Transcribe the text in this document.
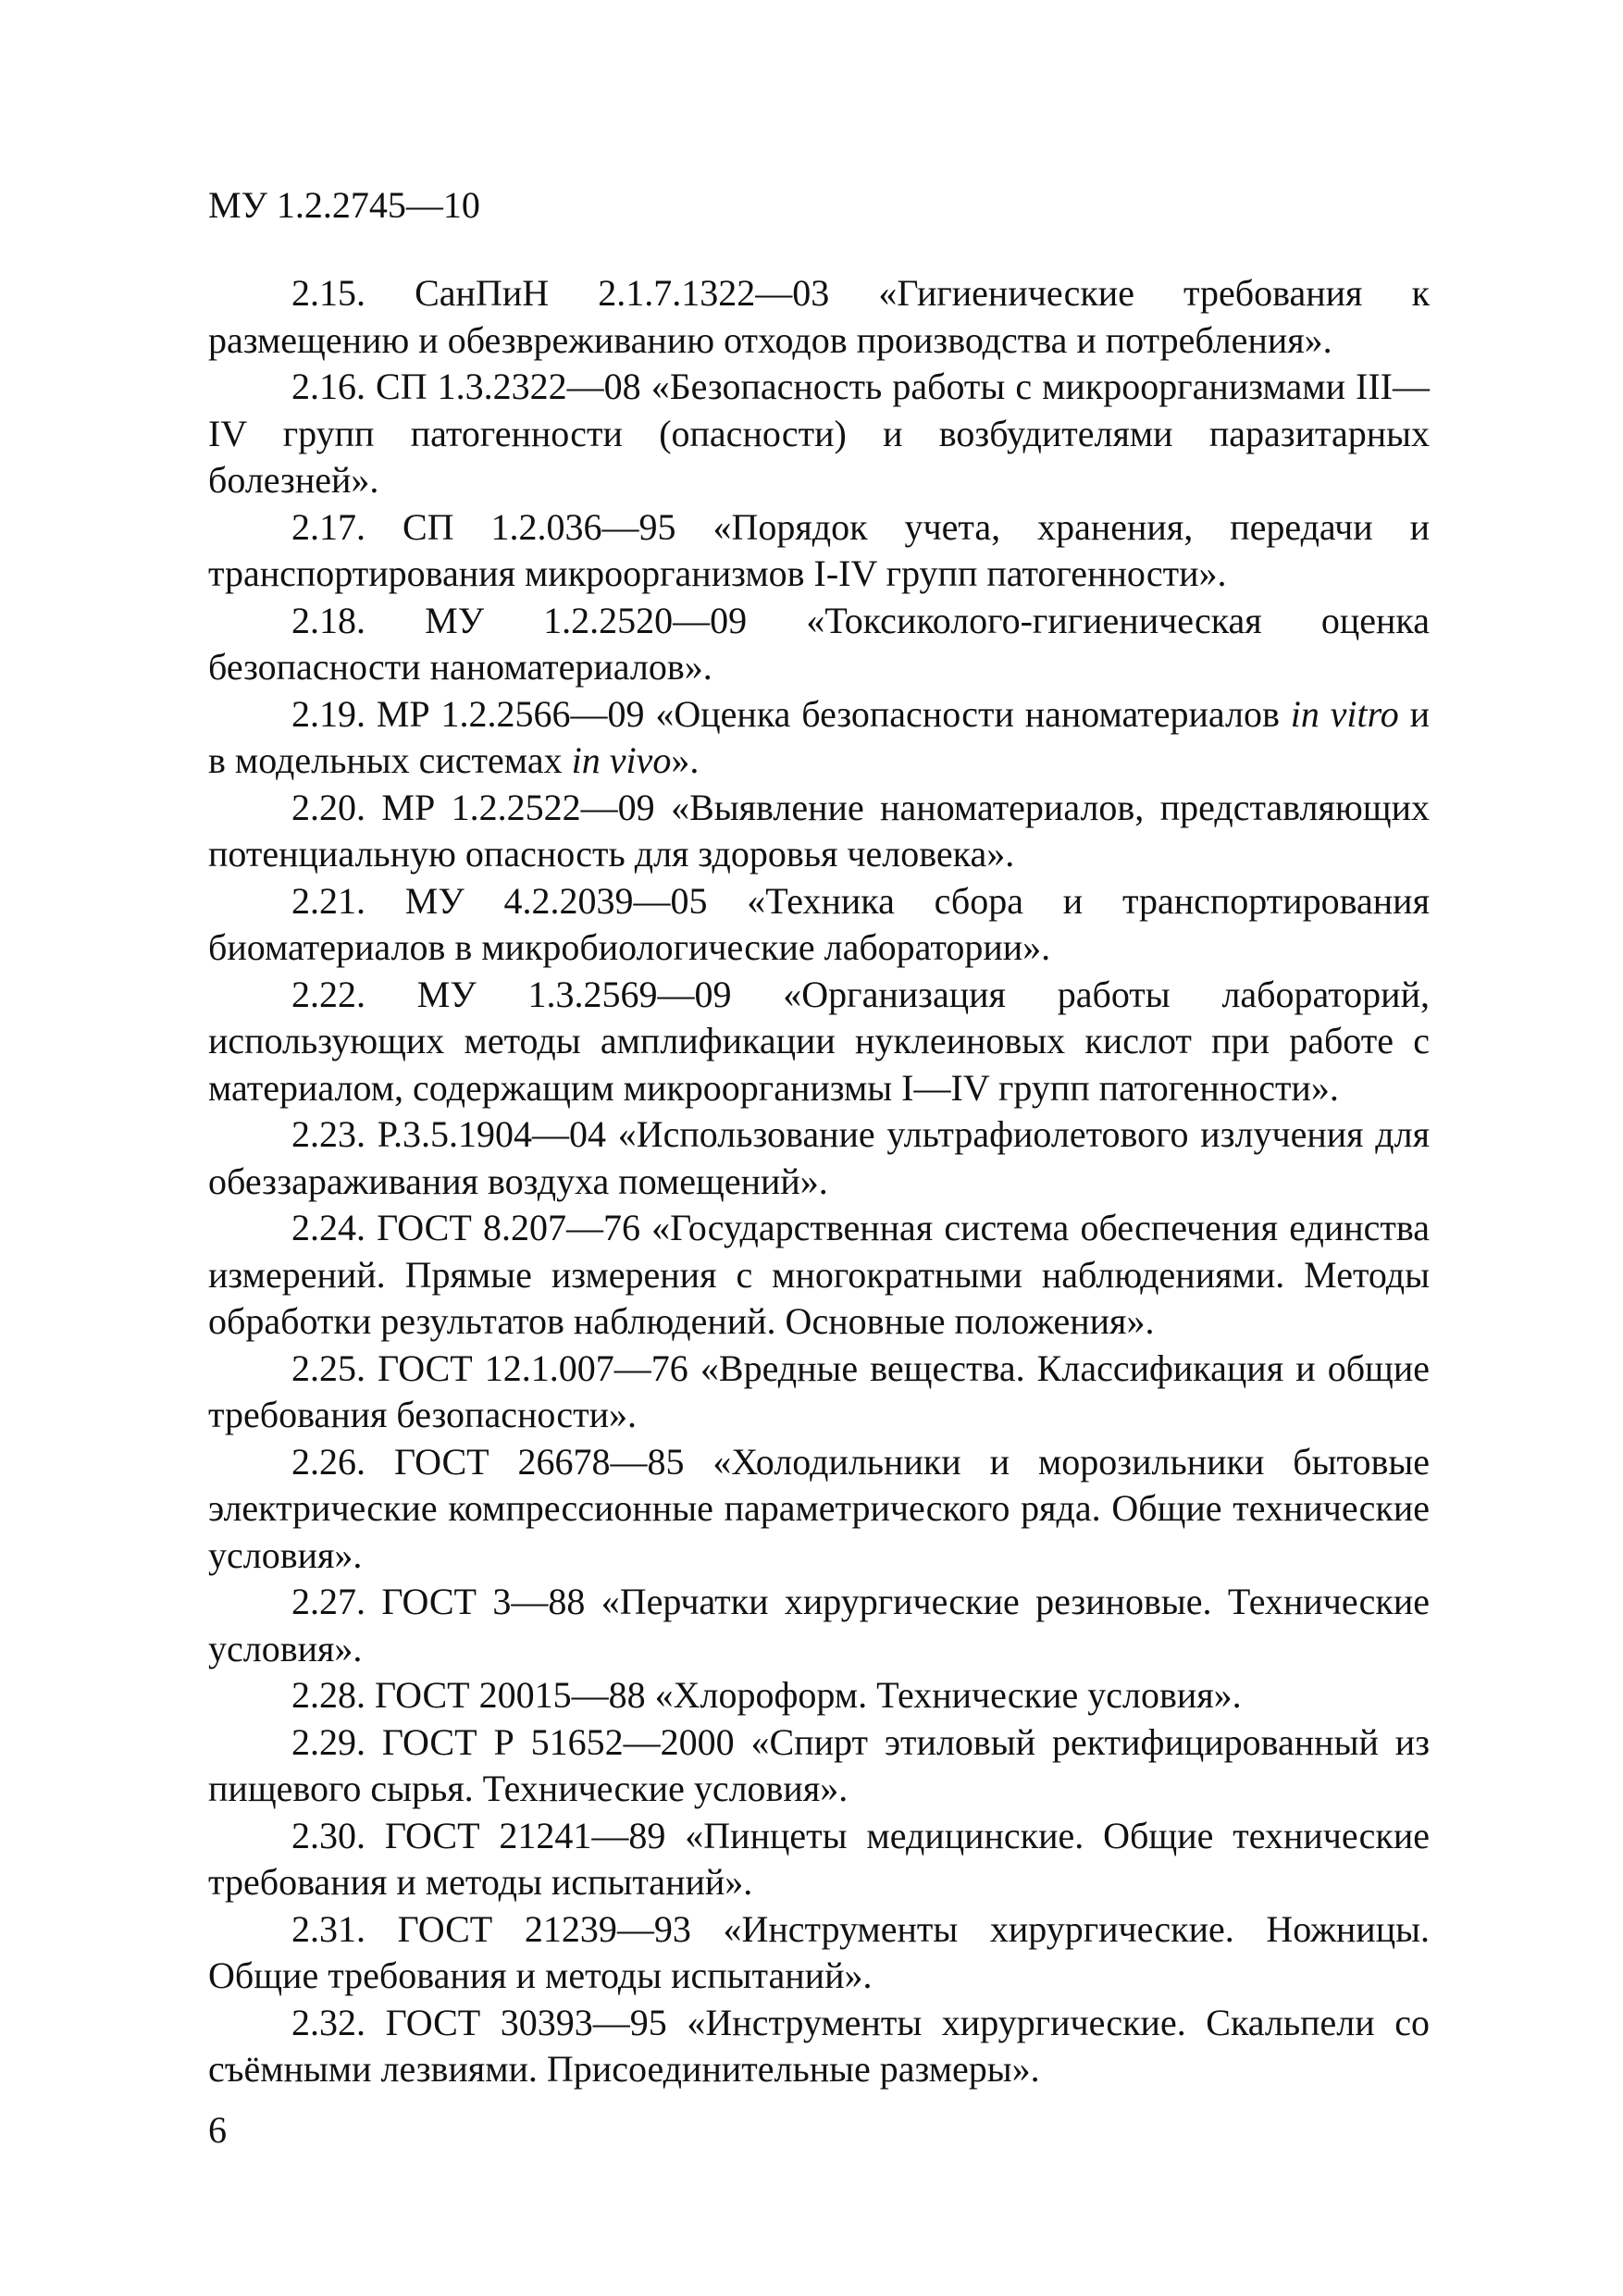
МУ 1.2.2745—10

2.15. СанПиН 2.1.7.1322—03 «Гигиенические требования к размещению и обезвреживанию отходов производства и потребления».

2.16. СП 1.3.2322—08 «Безопасность работы с микроорганизмами III—IV групп патогенности (опасности) и возбудителями паразитарных болезней».

2.17. СП 1.2.036—95 «Порядок учета, хранения, передачи и транспортирования микроорганизмов I-IV групп патогенности».

2.18. МУ 1.2.2520—09 «Токсиколого-гигиеническая оценка безопасности наноматериалов».

2.19. МР 1.2.2566—09 «Оценка безопасности наноматериалов in vitro и в модельных системах in vivo».

2.20. МР 1.2.2522—09 «Выявление наноматериалов, представляющих потенциальную опасность для здоровья человека».

2.21. МУ 4.2.2039—05 «Техника сбора и транспортирования биоматериалов в микробиологические лаборатории».

2.22. МУ 1.3.2569—09 «Организация работы лабораторий, использующих методы амплификации нуклеиновых кислот при работе с материалом, содержащим микроорганизмы I—IV групп патогенности».

2.23. Р.3.5.1904—04 «Использование ультрафиолетового излучения для обеззараживания воздуха помещений».

2.24. ГОСТ 8.207—76 «Государственная система обеспечения единства измерений. Прямые измерения с многократными наблюдениями. Методы обработки результатов наблюдений. Основные положения».

2.25. ГОСТ 12.1.007—76 «Вредные вещества. Классификация и общие требования безопасности».

2.26. ГОСТ 26678—85 «Холодильники и морозильники бытовые электрические компрессионные параметрического ряда. Общие технические условия».

2.27. ГОСТ 3—88 «Перчатки хирургические резиновые. Технические условия».

2.28. ГОСТ 20015—88 «Хлороформ. Технические условия».

2.29. ГОСТ Р 51652—2000 «Спирт этиловый ректифицированный из пищевого сырья. Технические условия».

2.30. ГОСТ 21241—89 «Пинцеты медицинские. Общие технические требования и методы испытаний».

2.31. ГОСТ 21239—93 «Инструменты хирургические. Ножницы. Общие требования и методы испытаний».

2.32. ГОСТ 30393—95 «Инструменты хирургические. Скальпели со съёмными лезвиями. Присоединительные размеры».

6
